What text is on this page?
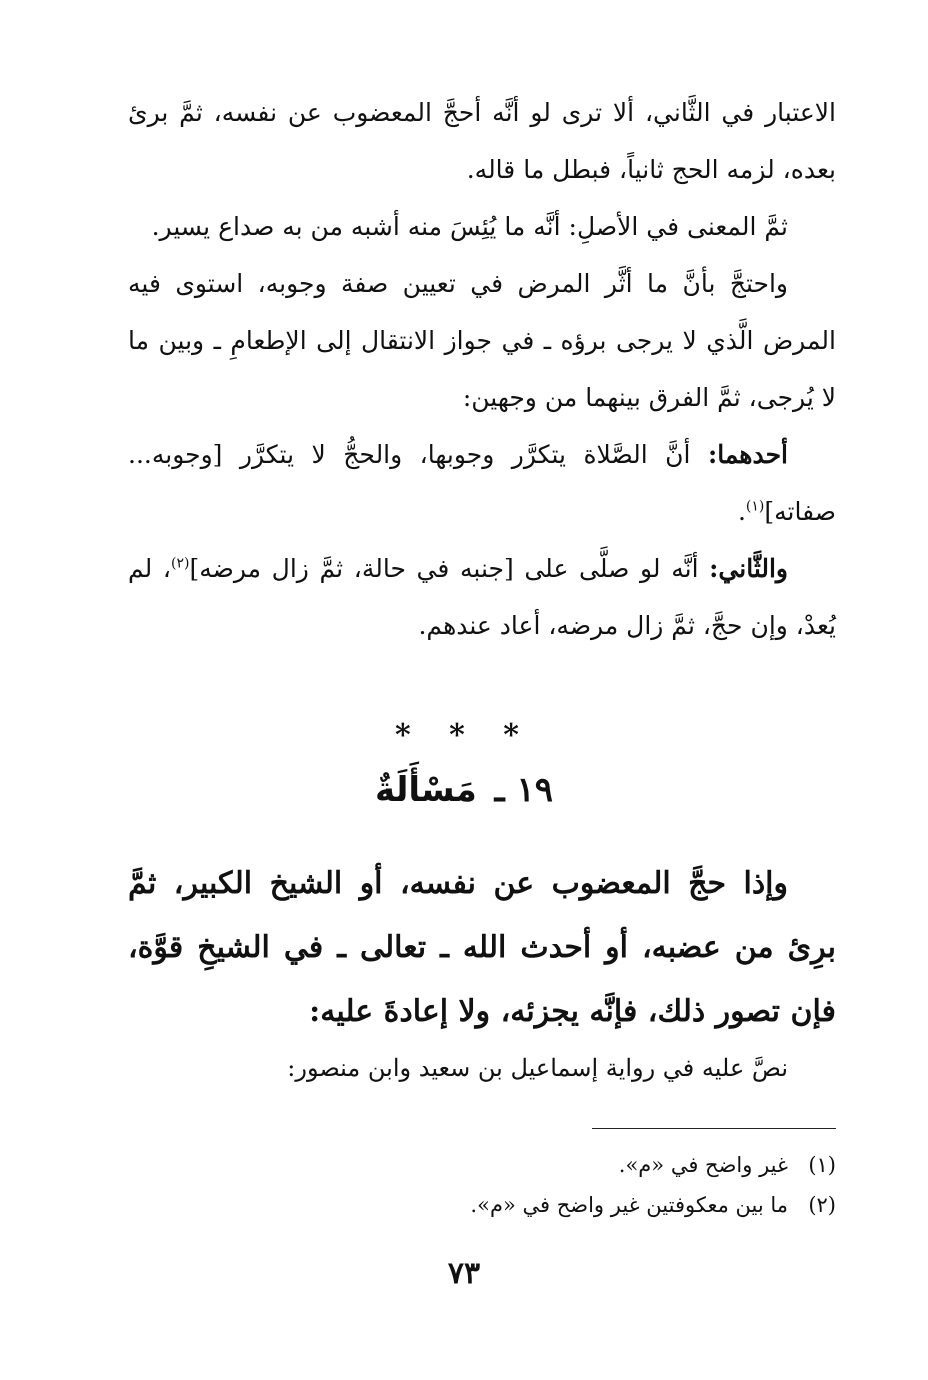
الاعتبار في الثَّاني، ألا ترى لو أنَّه أحجَّ المعضوب عن نفسه، ثمَّ برئ بعده، لزمه الحج ثانياً، فبطل ما قاله.

ثمَّ المعنى في الأصلِ: أنَّه ما يُئِسَ منه أشبه من به صداع يسير.

واحتجَّ بأنَّ ما أثَّر المرض في تعيين صفة وجوبه، استوى فيه المرض الَّذي لا يرجى برؤه ـ في جواز الانتقال إلى الإطعامِ ـ وبين ما لا يُرجى، ثمَّ الفرق بينهما من وجهين:

أحدهما: أنَّ الصَّلاة يتكرَّر وجوبها، والحجُّ لا يتكرَّر [وجوبه... صفاته]$^{(١)}$.

والثَّاني: أنَّه لو صلَّى على [جنبه في حالة، ثمَّ زال مرضه]$^{(٢)}$، لم يُعدْ، وإن حجَّ، ثمَّ زال مرضه، أعاد عندهم.

* * *
١٩ ـ مَسْأَلَةٌ

وإذا حجَّ المعضوب عن نفسه، أو الشيخ الكبير، ثمَّ برِئ من عضبه، أو أحدث الله ـ تعالى ـ في الشيخِ قوَّة، فإن تصور ذلك، فإنَّه يجزئه، ولا إعادةَ عليه:

نصَّ عليه في رواية إسماعيل بن سعيد وابن منصور:

(١)غير واضح في «م».

(٢)ما بين معكوفتين غير واضح في «م».

٧٣
